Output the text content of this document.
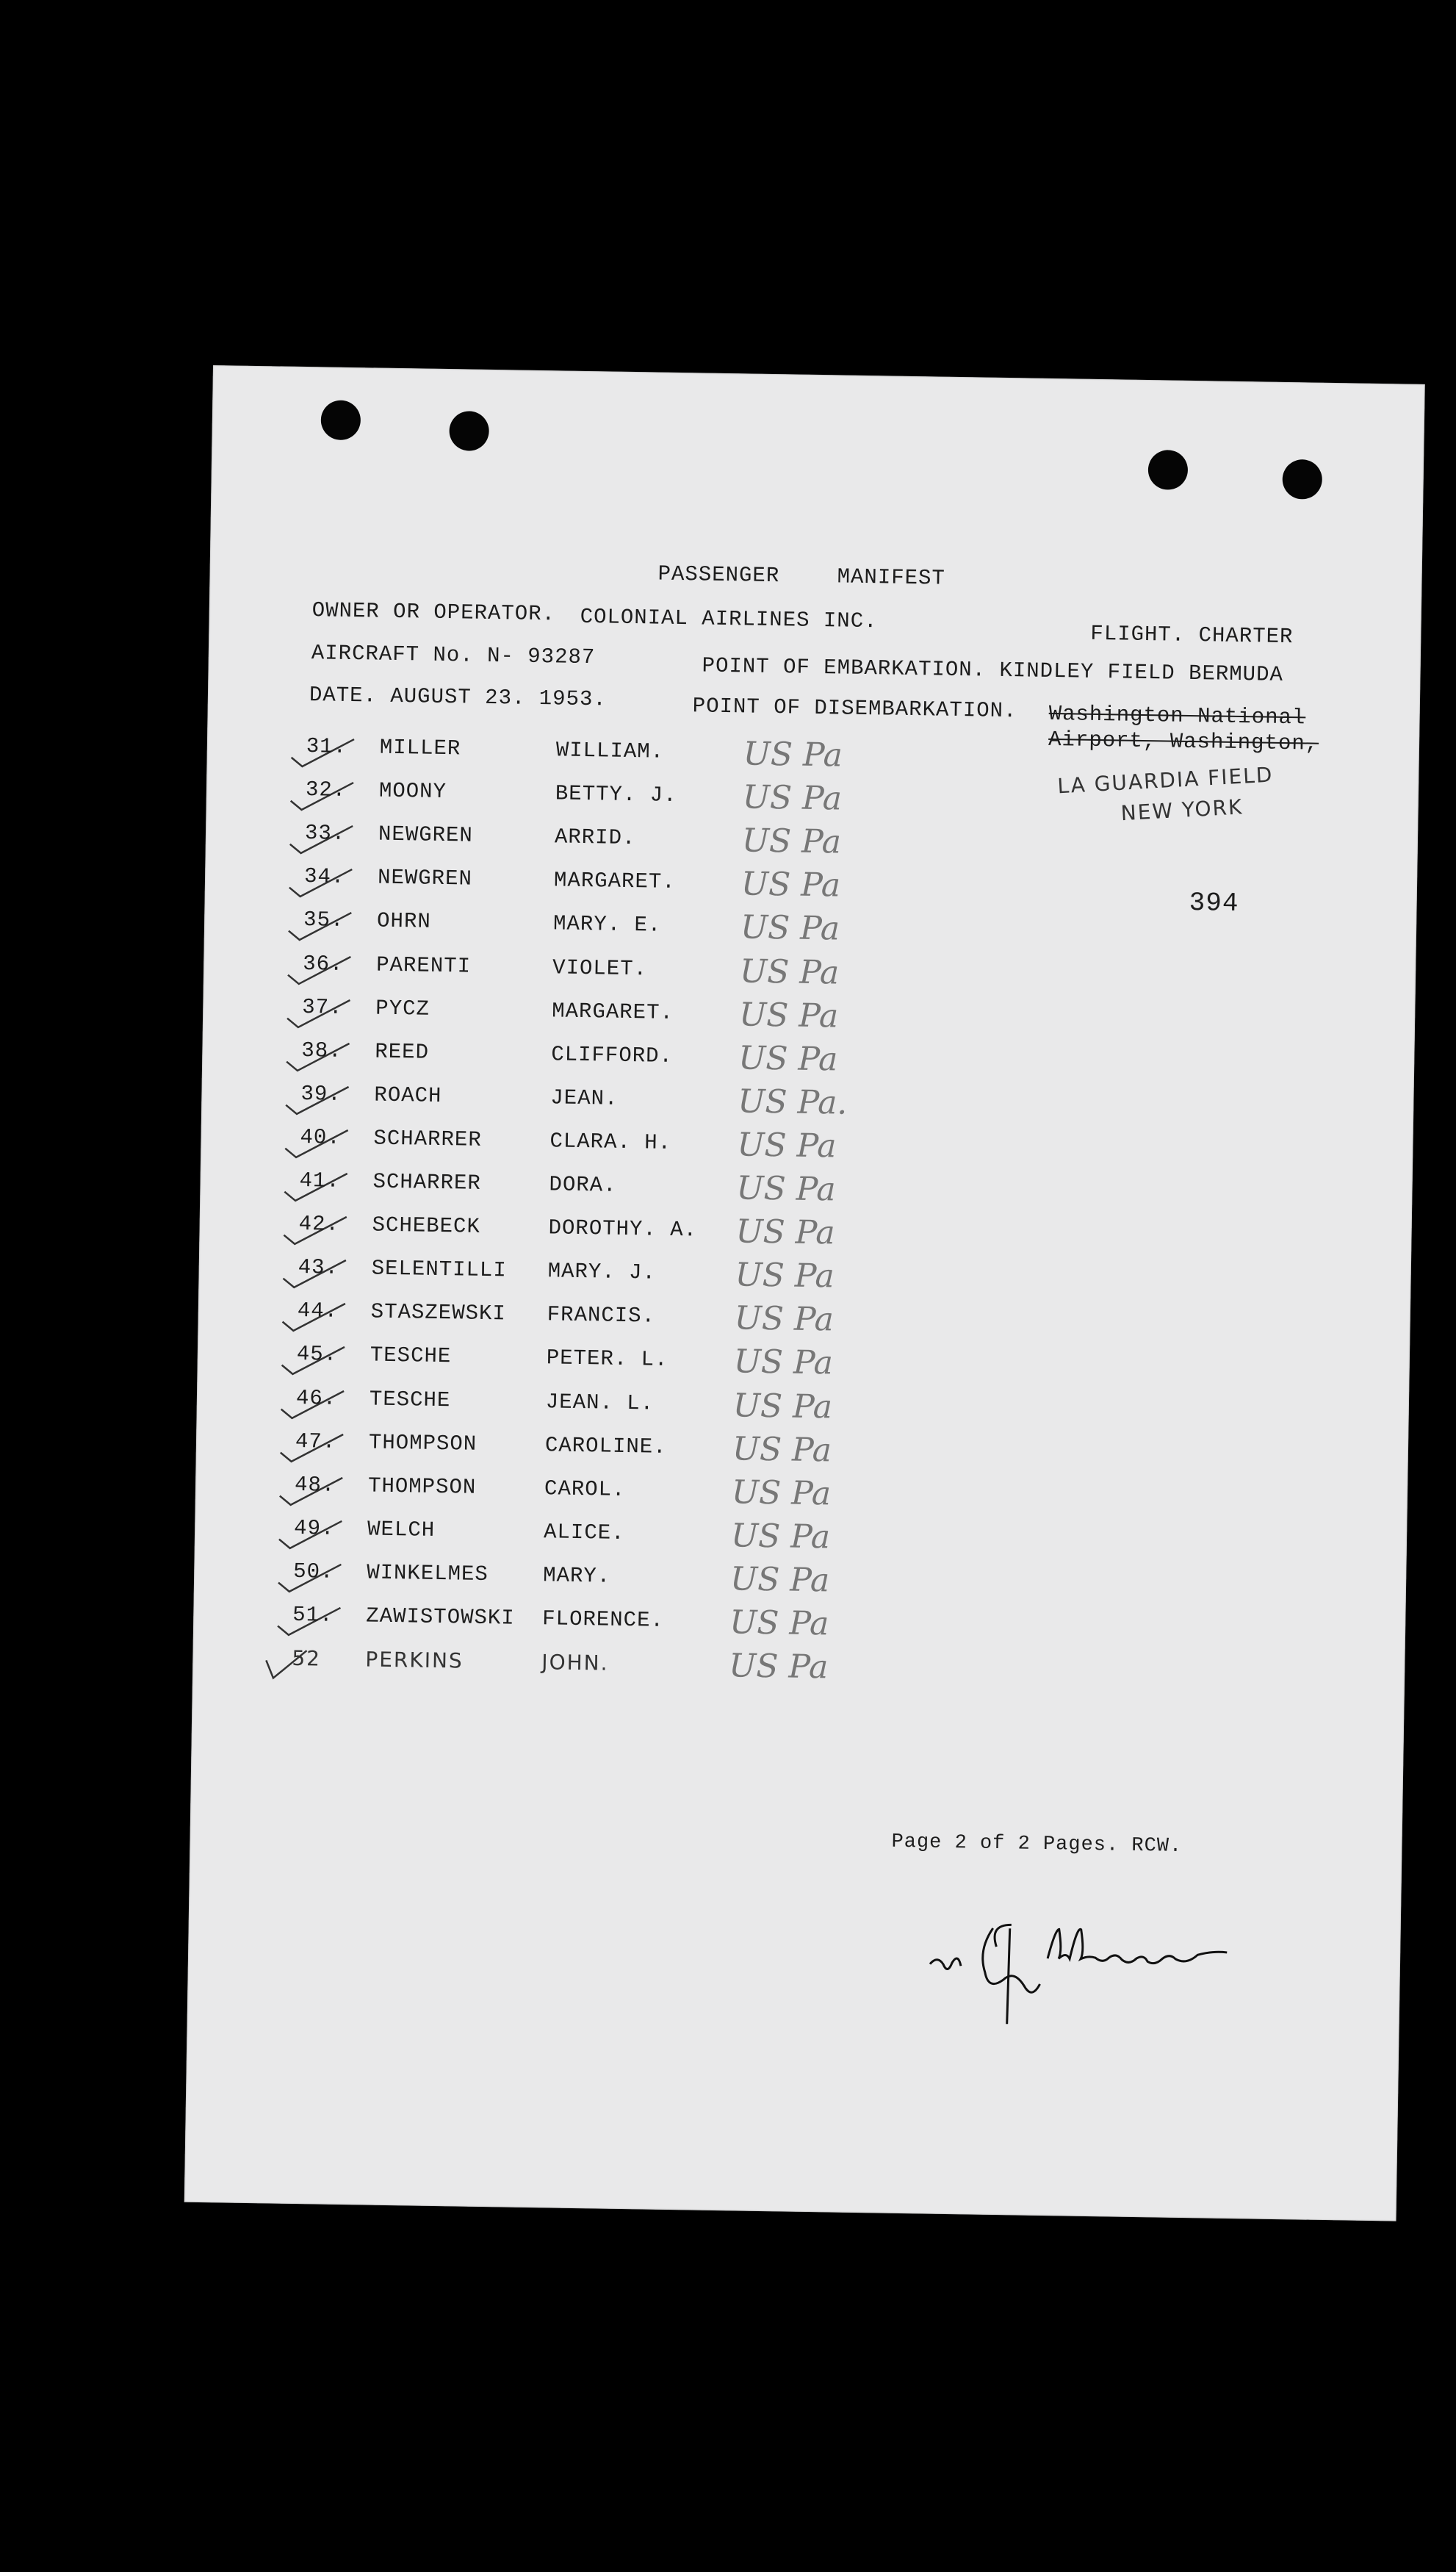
PASSENGER MANIFEST
OWNER OR OPERATOR. COLONIAL AIRLINES INC.
FLIGHT. CHARTER
AIRCRAFT No. N- 93287	POINT OF EMBARKATION. KINDLEY FIELD BERMUDA
DATE. AUGUST 23. 1953.	POINT OF DISEMBARKATION. Washington National
Airport, Washington,
LA GUARDIA FIELD
NEW YORK
394
31. MILLER	WILLIAM. US Pa
32. MOONY	BETTY. J. US Pa
33. NEWGREN	ARRID.	US Pa
34. NEWGREN	MARGARET. US Pa
35. OHRN	MARY. E. US Pa
36. PARENTI	VIOLET.	US Pa
37. PYCZ	MARGARET. US Pa
38. REED	CLIFFORD. US Pa
39. ROACH	JEAN.	US Pa.
40. SCHARRER	CLARA. H. US Pa
41. SCHARRER	DORA.	US Pa
42. SCHEBECK	DOROTHY. A. US Pa
43. SELENTILLI MARY. J. US Pa
44. STASZEWSKI FRANCIS. US Pa
45. TESCHE	PETER. L. US Pa
46. TESCHE	JEAN. L. US Pa
47. THOMPSON	CAROLINE. US Pa
48. THOMPSON	CAROL.	US Pa
49. WELCH	ALICE.	US Pa
50. WINKELMES	MARY.	US Pa
51. ZAWISTOWSKI FLORENCE. US Pa
52 PERKINS	JOHN.	US Pa
Page 2 of 2 Pages. RCW.
